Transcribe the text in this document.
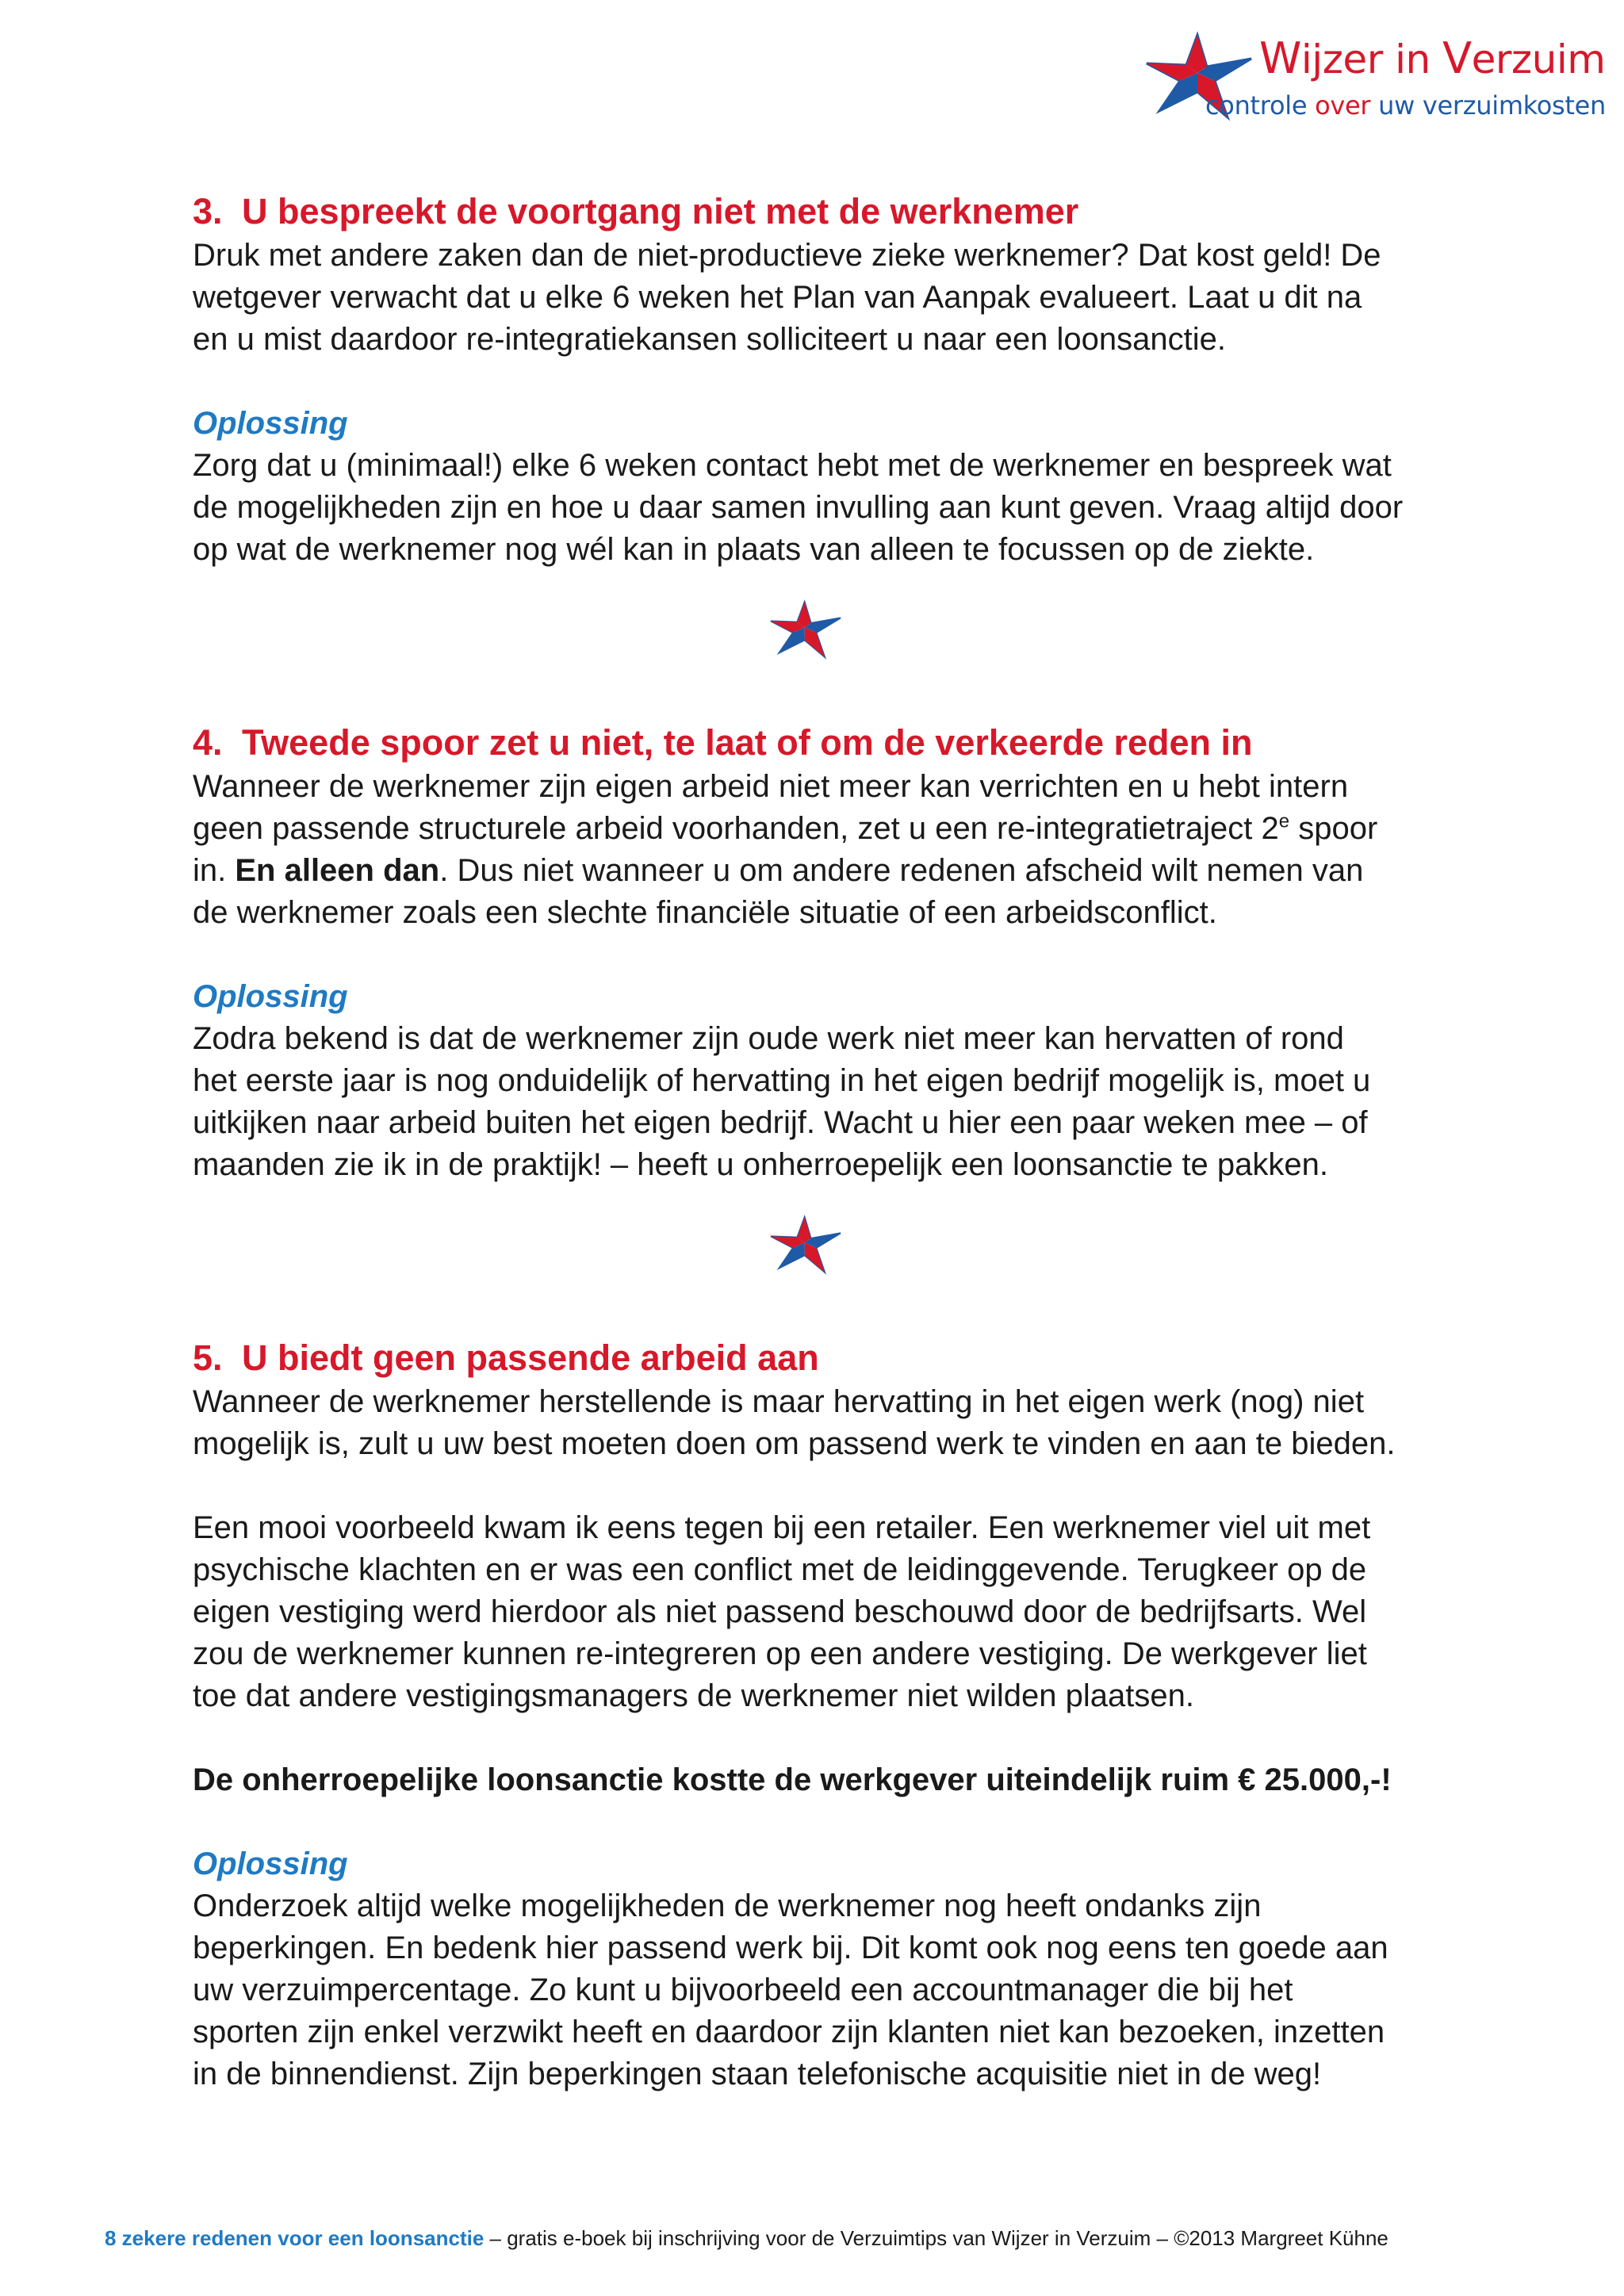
Wijzer in Verzuim
controle over uw verzuimkosten
3. U bespreekt de voortgang niet met de werknemer

Druk met andere zaken dan de niet-productieve zieke werknemer? Dat kost geld! De
wetgever verwacht dat u elke 6 weken het Plan van Aanpak evalueert. Laat u dit na
en u mist daardoor re-integratiekansen solliciteert u naar een loonsanctie.

Oplossing

Zorg dat u (minimaal!) elke 6 weken contact hebt met de werknemer en bespreek wat
de mogelijkheden zijn en hoe u daar samen invulling aan kunt geven. Vraag altijd door
op wat de werknemer nog wél kan in plaats van alleen te focussen op de ziekte.

4. Tweede spoor zet u niet, te laat of om de verkeerde reden in

Wanneer de werknemer zijn eigen arbeid niet meer kan verrichten en u hebt intern
geen passende structurele arbeid voorhanden, zet u een re-integratietraject 2e spoor
in. En alleen dan. Dus niet wanneer u om andere redenen afscheid wilt nemen van
de werknemer zoals een slechte financiële situatie of een arbeidsconflict.

Oplossing

Zodra bekend is dat de werknemer zijn oude werk niet meer kan hervatten of rond
het eerste jaar is nog onduidelijk of hervatting in het eigen bedrijf mogelijk is, moet u
uitkijken naar arbeid buiten het eigen bedrijf. Wacht u hier een paar weken mee – of
maanden zie ik in de praktijk! – heeft u onherroepelijk een loonsanctie te pakken.

5. U biedt geen passende arbeid aan

Wanneer de werknemer herstellende is maar hervatting in het eigen werk (nog) niet
mogelijk is, zult u uw best moeten doen om passend werk te vinden en aan te bieden.

Een mooi voorbeeld kwam ik eens tegen bij een retailer. Een werknemer viel uit met
psychische klachten en er was een conflict met de leidinggevende. Terugkeer op de
eigen vestiging werd hierdoor als niet passend beschouwd door de bedrijfsarts. Wel
zou de werknemer kunnen re-integreren op een andere vestiging. De werkgever liet
toe dat andere vestigingsmanagers de werknemer niet wilden plaatsen.

De onherroepelijke loonsanctie kostte de werkgever uiteindelijk ruim € 25.000,-!

Oplossing

Onderzoek altijd welke mogelijkheden de werknemer nog heeft ondanks zijn
beperkingen. En bedenk hier passend werk bij. Dit komt ook nog eens ten goede aan
uw verzuimpercentage. Zo kunt u bijvoorbeeld een accountmanager die bij het
sporten zijn enkel verzwikt heeft en daardoor zijn klanten niet kan bezoeken, inzetten
in de binnendienst. Zijn beperkingen staan telefonische acquisitie niet in de weg!

8 zekere redenen voor een loonsanctie – gratis e-boek bij inschrijving voor de Verzuimtips van Wijzer in Verzuim – ©2013 Margreet Kühne
